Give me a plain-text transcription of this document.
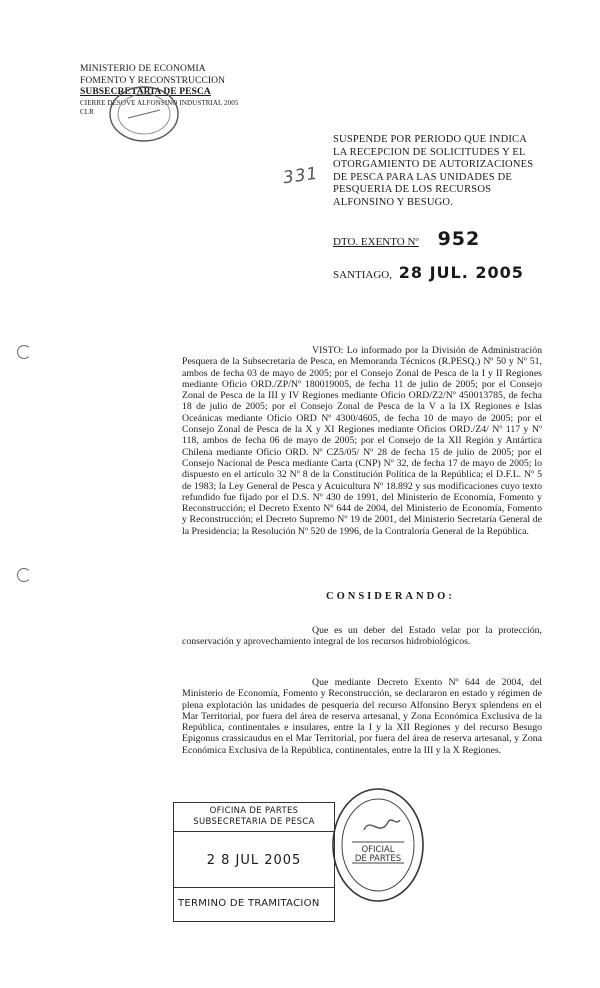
MINISTERIO DE ECONOMIA
FOMENTO Y RECONSTRUCCION
SUBSECRETARIA DE PESCA
CIERRE DESOVE ALFONSINO INDUSTRIAL 2005
CLR
331
SUSPENDE POR PERIODO QUE INDICA
LA RECEPCION DE SOLICITUDES Y EL
OTORGAMIENTO DE AUTORIZACIONES
DE PESCA PARA LAS UNIDADES DE
PESQUERIA DE LOS RECURSOS
ALFONSINO Y BESUGO.
DTO. EXENTO Nº 952
SANTIAGO, 28 JUL. 2005
VISTO: Lo informado por la División de Administración Pesquera de la Subsecretaría de Pesca, en Memoranda Técnicos (R.PESQ.) Nº 50 y Nº 51, ambos de fecha 03 de mayo de 2005; por el Consejo Zonal de Pesca de la I y II Regiones mediante Oficio ORD./ZP/Nº 180019005, de fecha 11 de julio de 2005; por el Consejo Zonal de Pesca de la III y IV Regiones mediante Oficio ORD/Z2/Nº 450013785, de fecha 18 de julio de 2005; por el Consejo Zonal de Pesca de la V a la IX Regiones e Islas Oceánicas mediante Oficio ORD Nº 4300/4605, de fecha 10 de mayo de 2005; por el Consejo Zonal de Pesca de la X y XI Regiones mediante Oficios ORD./Z4/ Nº 117 y Nº 118, ambos de fecha 06 de mayo de 2005; por el Consejo de la XII Región y Antártica Chilena mediante Oficio ORD. Nº CZ5/05/ Nº 28 de fecha 15 de julio de 2005; por el Consejo Nacional de Pesca mediante Carta (CNP) Nº 32, de fecha 17 de mayo de 2005; lo dispuesto en el artículo 32 Nº 8 de la Constitución Política de la República; el D.F.L. Nº 5 de 1983; la Ley General de Pesca y Acuicultura Nº 18.892 y sus modificaciones cuyo texto refundido fue fijado por el D.S. Nº 430 de 1991, del Ministerio de Economía, Fomento y Reconstrucción; el Decreto Exento Nº 644 de 2004, del Ministerio de Economía, Fomento y Reconstrucción; el Decreto Supremo Nº 19 de 2001, del Ministerio Secretaría General de la Presidencia; la Resolución Nº 520 de 1996, de la Contraloría General de la República.
CONSIDERANDO:
Que es un deber del Estado velar por la protección, conservación y aprovechamiento integral de los recursos hidrobiológicos.
Que mediante Decreto Exento Nº 644 de 2004, del Ministerio de Economía, Fomento y Reconstrucción, se declararon en estado y régimen de plena explotación las unidades de pesquería del recurso Alfonsino Beryx splendens en el Mar Territorial, por fuera del área de reserva artesanal, y Zona Económica Exclusiva de la República, continentales e insulares, entre la I y la XII Regiones y del recurso Besugo Epigonus crassicaudus en el Mar Territorial, por fuera del área de reserva artesanal, y Zona Económica Exclusiva de la República, continentales, entre la III y la X Regiones.
OFICINA DE PARTES
SUBSECRETARIA DE PESCA
2 8 JUL 2005
TERMINO DE TRAMITACION
OFICIAL
DE PARTES
